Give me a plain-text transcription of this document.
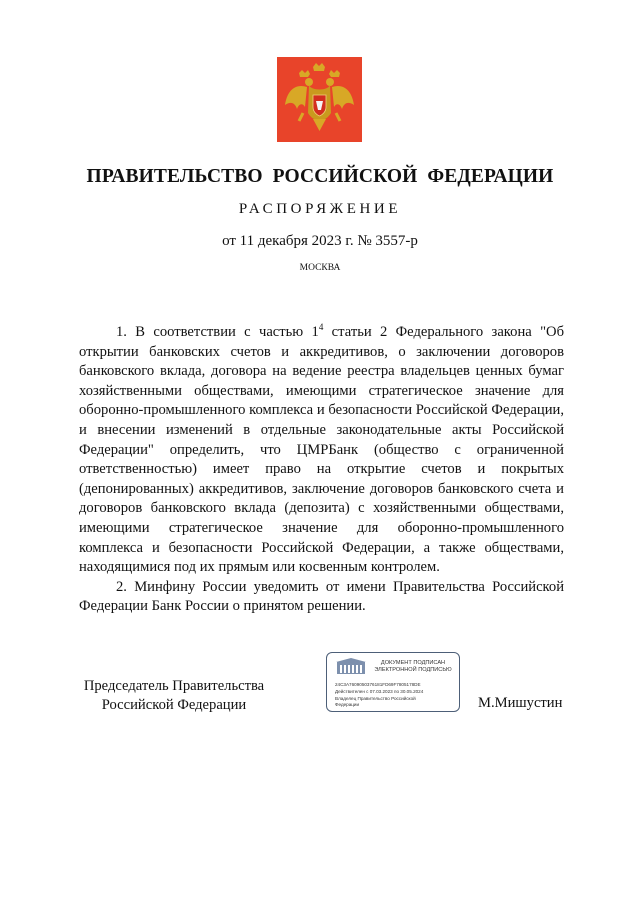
ПРАВИТЕЛЬСТВО РОССИЙСКОЙ ФЕДЕРАЦИИ
РАСПОРЯЖЕНИЕ
от 11 декабря 2023 г. № 3557-р
МОСКВА

1. В соответствии с частью $1^4$ статьи 2 Федерального закона "Об открытии банковских счетов и аккредитивов, о заключении договоров банковского вклада, договора на ведение реестра владельцев ценных бумаг хозяйственными обществами, имеющими стратегическое значение для оборонно-промышленного комплекса и безопасности Российской Федерации, и внесении изменений в отдельные законодательные акты Российской Федерации" определить, что ЦМРБанк (общество с ограниченной ответственностью) имеет право на открытие счетов и покрытых (депонированных) аккредитивов, заключение договоров банковского счета и договоров банковского вклада (депозита) с хозяйственными обществами, имеющими стратегическое значение для оборонно-промышленного комплекса и безопасности Российской Федерации, а также обществами, находящимися под их прямым или косвенным контролем.

2. Минфину России уведомить от имени Правительства Российской Федерации Банк России о принятом решении.

Председатель Правительства
Российской Федерации
ДОКУМЕНТ ПОДПИСАН
ЭЛЕКТРОННОЙ ПОДПИСЬЮ
24C3A7609050376181FD69F7805178DE
Действителен с 07.03.2023 по 30.05.2024
Владелец Правительство Российской
Федерации	М.Мишустин
